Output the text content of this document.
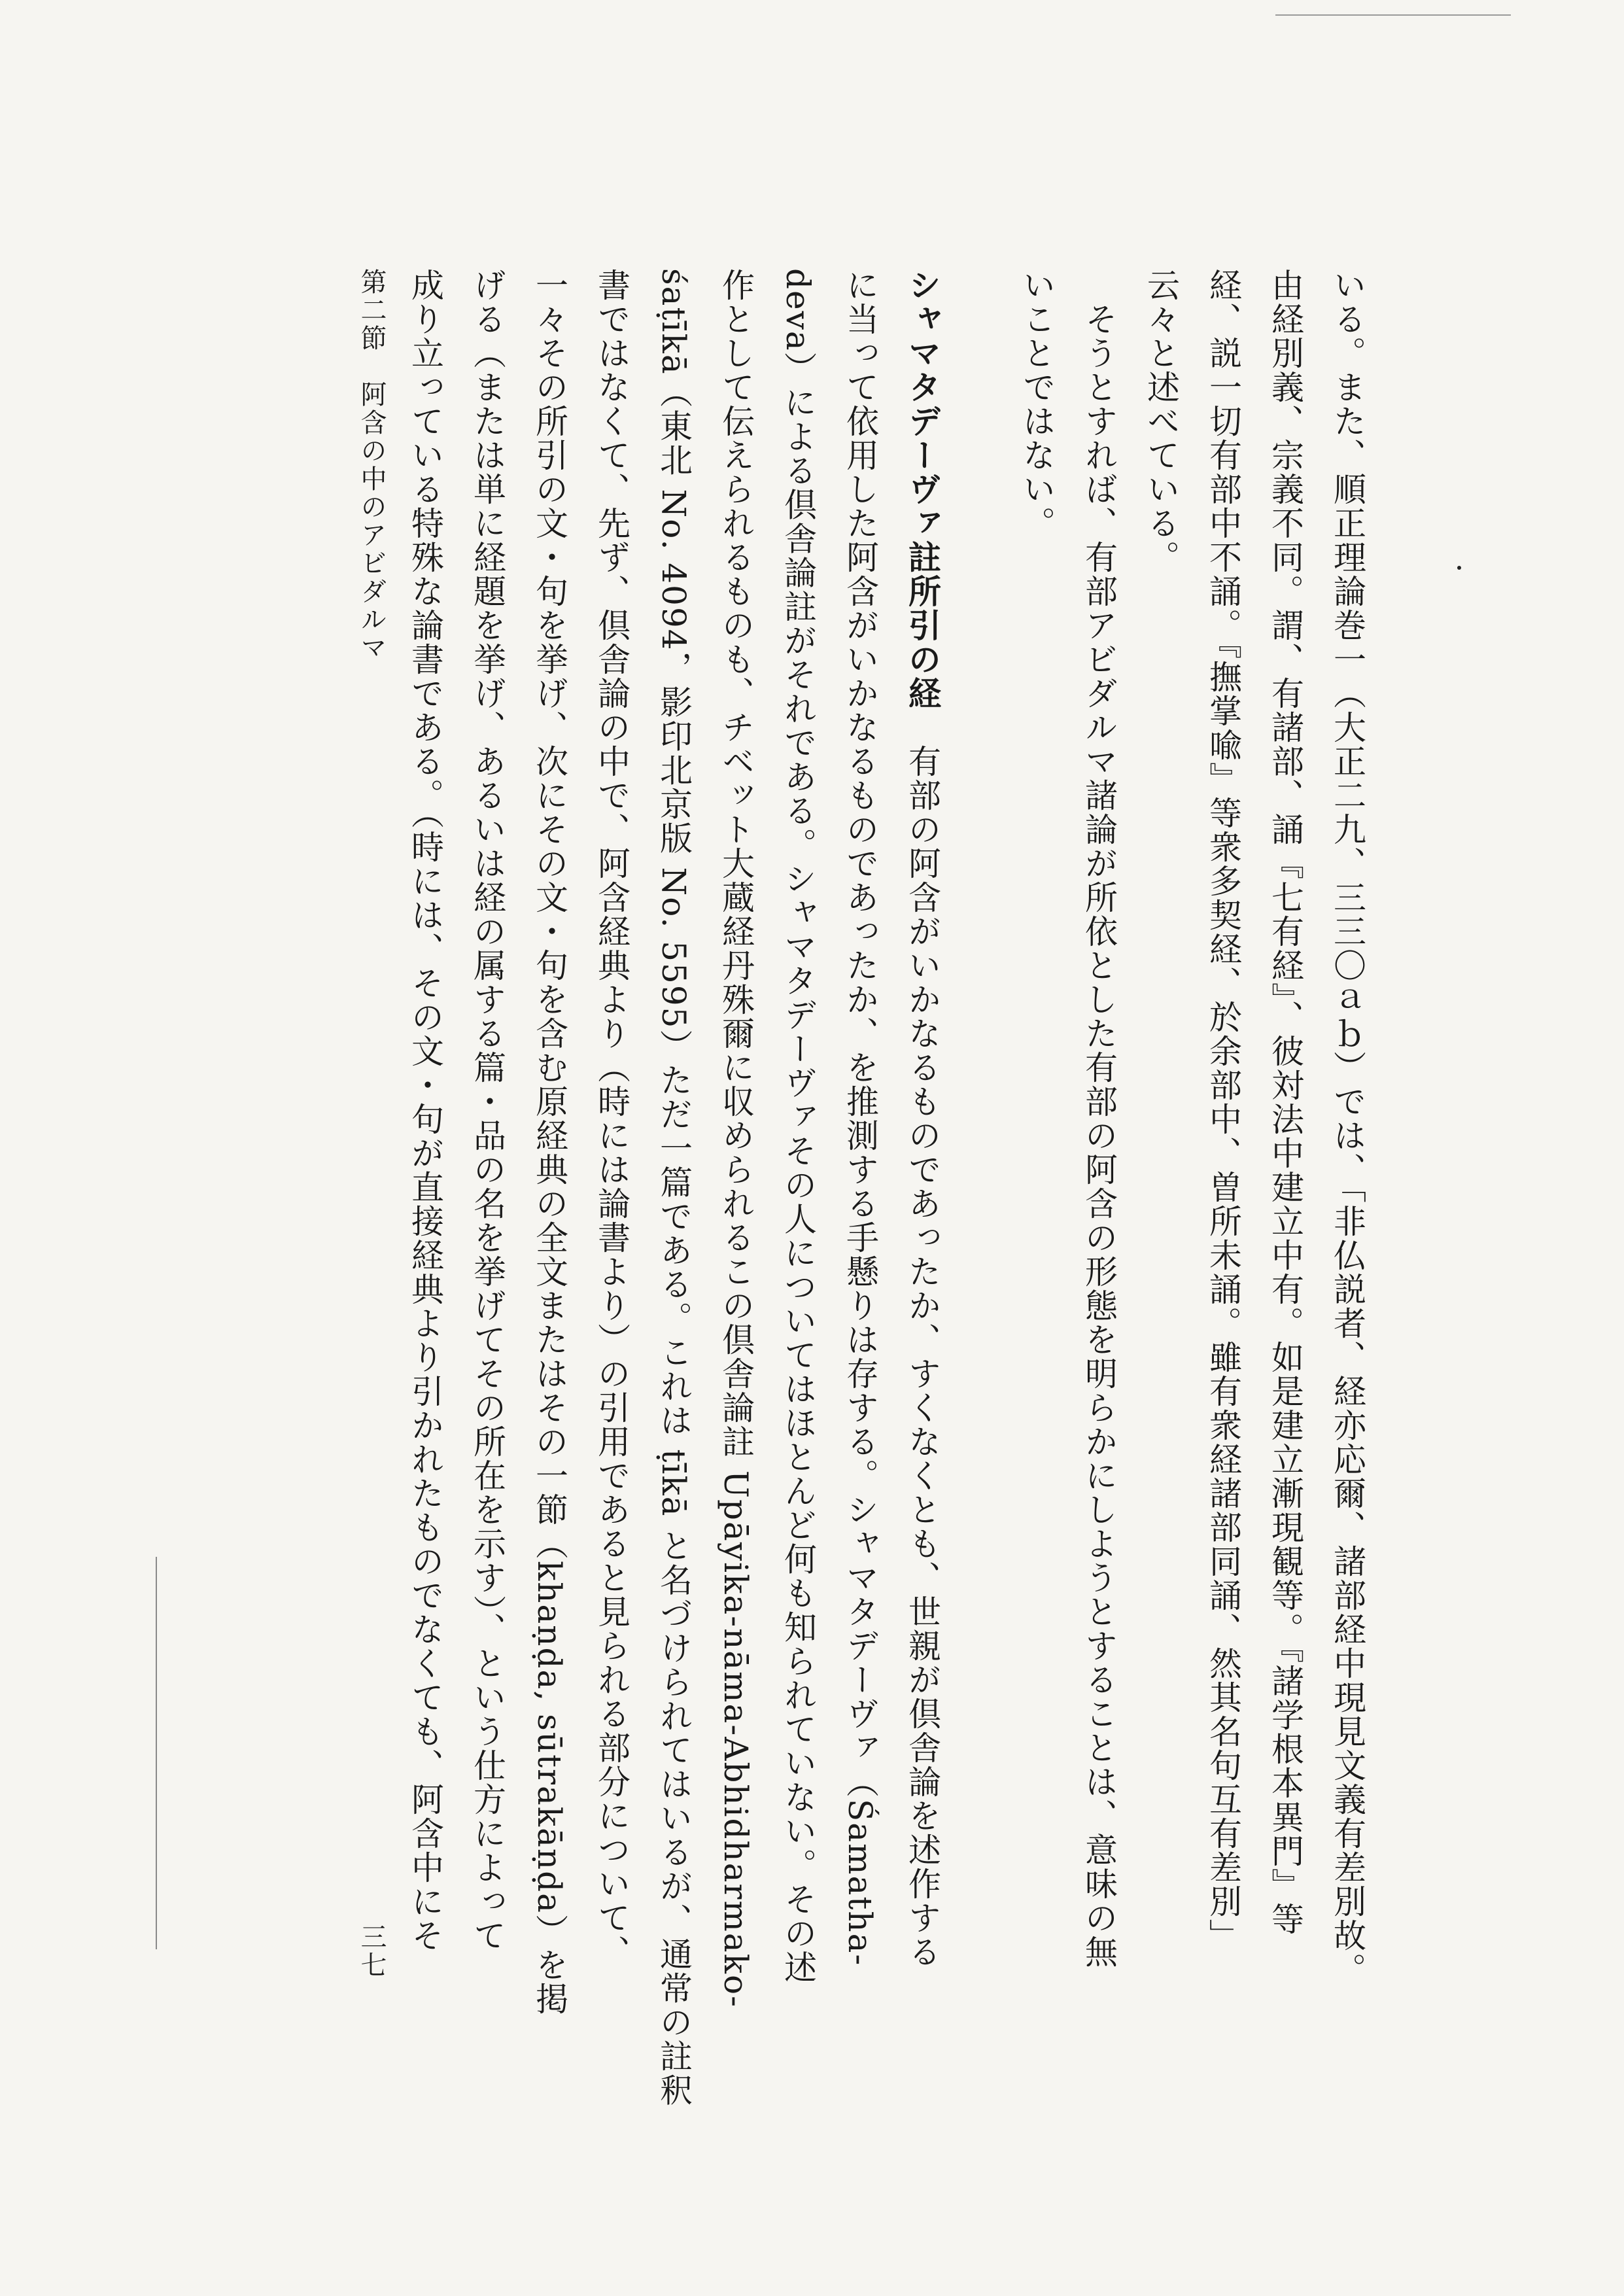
いる。また、順正理論巻一（大正二九、三三〇ａｂ）では、「非仏説者、経亦応爾、諸部経中現見文義有差別故。
由経別義、宗義不同。謂、有諸部、誦『七有経』、彼対法中建立中有。如是建立漸現観等。『諸学根本異門』等
経、説一切有部中不誦。『撫掌喩』等衆多契経、於余部中、曽所未誦。雖有衆経諸部同誦、然其名句互有差別」
云々と述べている。
そうとすれば、有部アビダルマ諸論が所依とした有部の阿含の形態を明らかにしようとすることは、意味の無
いことではない。
シャマタデーヴァ註所引の経　有部の阿含がいかなるものであったか、すくなくとも、世親が倶舎論を述作する
に当って依用した阿含がいかなるものであったか、を推測する手懸りは存する。シャマタデーヴァ（Śamatha-
deva）による倶舎論註がそれである。シャマタデーヴァその人についてはほとんど何も知られていない。その述
作として伝えられるものも、チベット大蔵経丹殊爾に収められるこの倶舎論註 Upāyika-nāma-Abhidharmako-
śaṭīkā（東北 No. 4094，影印北京版 No. 5595）ただ一篇である。これは ṭīkā と名づけられてはいるが、通常の註釈
書ではなくて、先ず、倶舎論の中で、阿含経典より（時には論書より）の引用であると見られる部分について、
一々その所引の文・句を挙げ、次にその文・句を含む原経典の全文またはその一節（khaṇḍa, sūtrakāṇḍa）を掲
げる（または単に経題を挙げ、あるいは経の属する篇・品の名を挙げてその所在を示す）、という仕方によって
成り立っている特殊な論書である。（時には、その文・句が直接経典より引かれたものでなくても、阿含中にそ
三七
第二節　阿含の中のアビダルマ
